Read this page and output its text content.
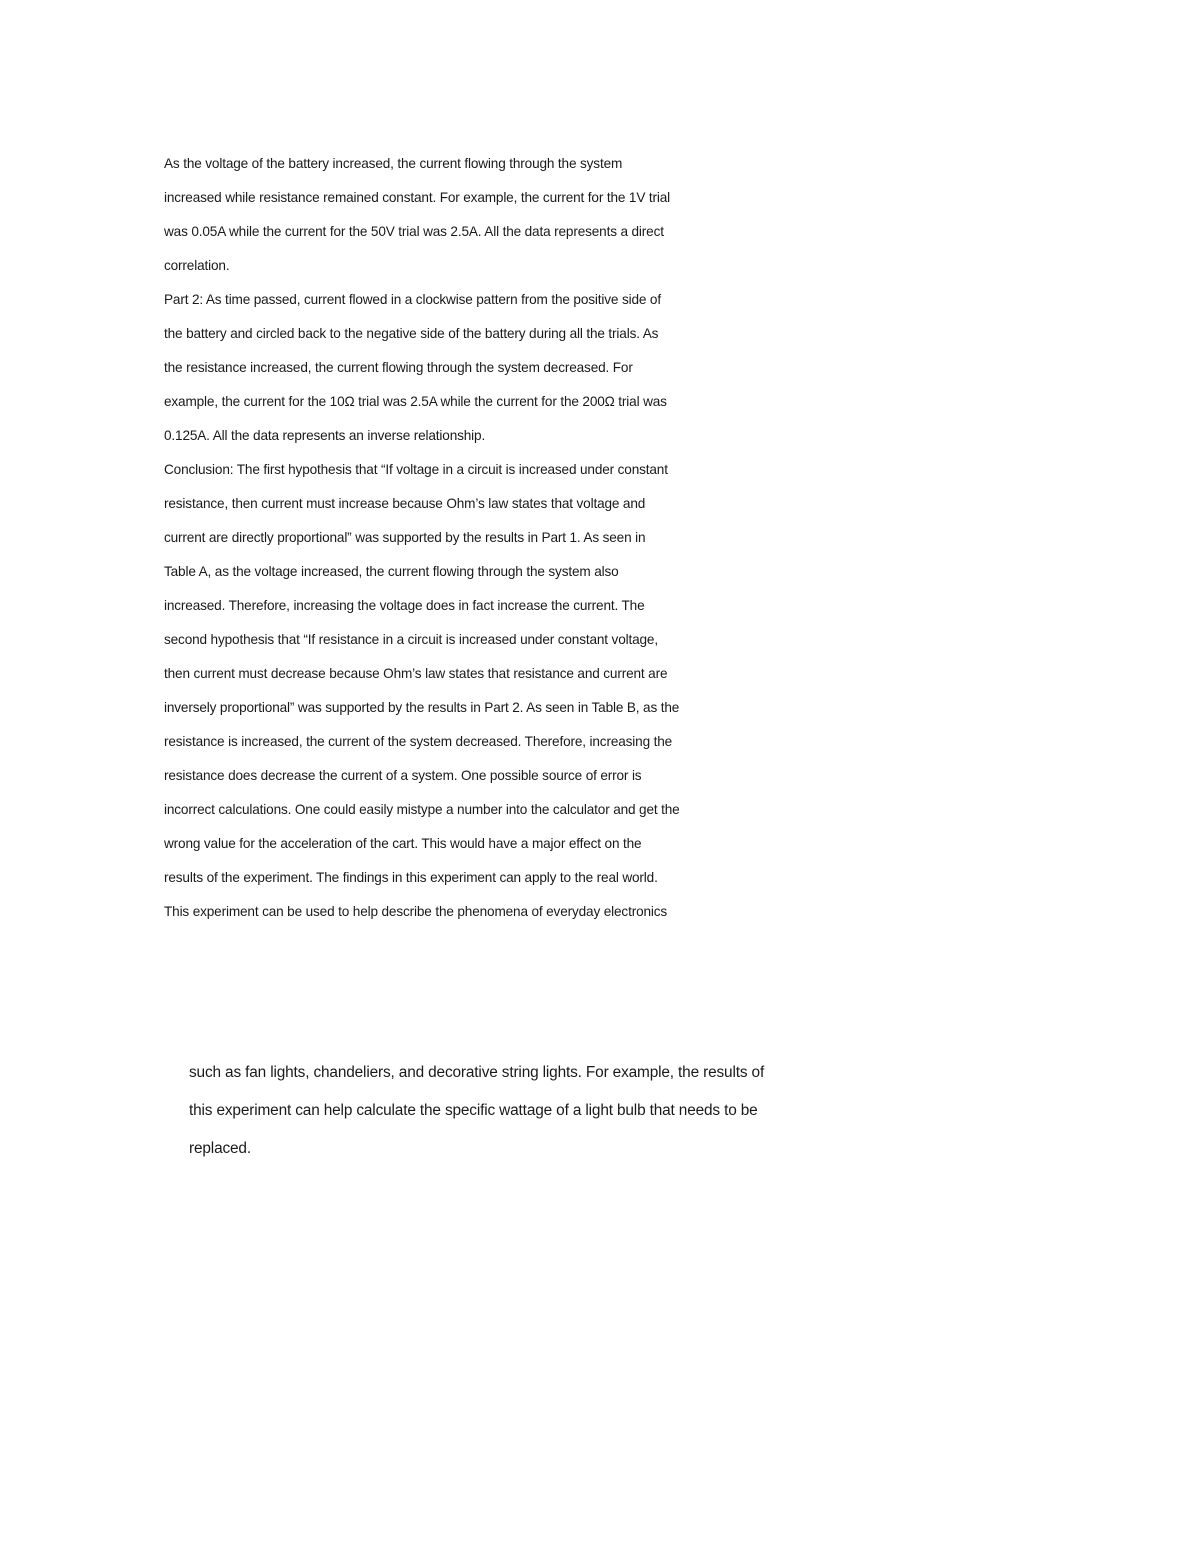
As the voltage of the battery increased, the current flowing through the system
increased while resistance remained constant. For example, the current for the 1V trial
was 0.05A while the current for the 50V trial was 2.5A. All the data represents a direct
correlation.
Part 2: As time passed, current flowed in a clockwise pattern from the positive side of
the battery and circled back to the negative side of the battery during all the trials. As
the resistance increased, the current flowing through the system decreased. For
example, the current for the 10Ω trial was 2.5A while the current for the 200Ω trial was
0.125A. All the data represents an inverse relationship.
Conclusion: The first hypothesis that “If voltage in a circuit is increased under constant
resistance, then current must increase because Ohm’s law states that voltage and
current are directly proportional” was supported by the results in Part 1. As seen in
Table A, as the voltage increased, the current flowing through the system also
increased. Therefore, increasing the voltage does in fact increase the current. The
second hypothesis that “If resistance in a circuit is increased under constant voltage,
then current must decrease because Ohm’s law states that resistance and current are
inversely proportional” was supported by the results in Part 2. As seen in Table B, as the
resistance is increased, the current of the system decreased. Therefore, increasing the
resistance does decrease the current of a system. One possible source of error is
incorrect calculations. One could easily mistype a number into the calculator and get the
wrong value for the acceleration of the cart. This would have a major effect on the
results of the experiment. The findings in this experiment can apply to the real world.
This experiment can be used to help describe the phenomena of everyday electronics
such as fan lights, chandeliers, and decorative string lights. For example, the results of
this experiment can help calculate the specific wattage of a light bulb that needs to be
replaced.
